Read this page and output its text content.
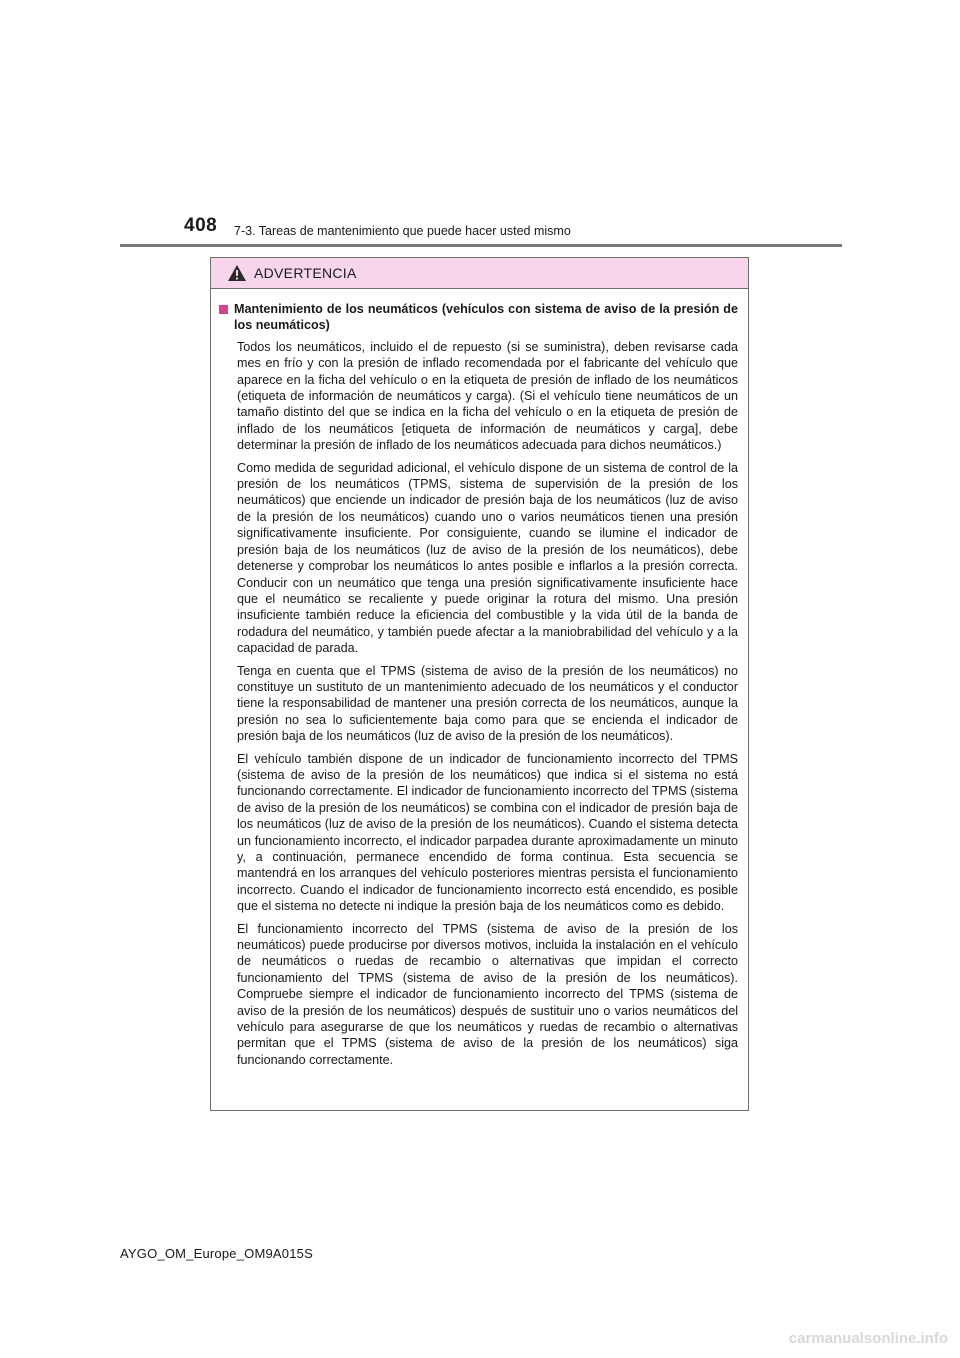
408 7-3. Tareas de mantenimiento que puede hacer usted mismo
ADVERTENCIA
Mantenimiento de los neumáticos (vehículos con sistema de aviso de la presión de los neumáticos)

Todos los neumáticos, incluido el de repuesto (si se suministra), deben revisarse cada mes en frío y con la presión de inflado recomendada por el fabricante del vehículo que aparece en la ficha del vehículo o en la etiqueta de presión de inflado de los neumáticos (etiqueta de información de neumáticos y carga). (Si el vehículo tiene neumáticos de un tamaño distinto del que se indica en la ficha del vehículo o en la etiqueta de presión de inflado de los neumáticos [etiqueta de información de neumáticos y carga], debe determinar la presión de inflado de los neumáticos adecuada para dichos neumáticos.)

Como medida de seguridad adicional, el vehículo dispone de un sistema de control de la presión de los neumáticos (TPMS, sistema de supervisión de la presión de los neumáticos) que enciende un indicador de presión baja de los neumáticos (luz de aviso de la presión de los neumáticos) cuando uno o varios neumáticos tienen una presión significativamente insuficiente. Por consiguiente, cuando se ilumine el indicador de presión baja de los neumáticos (luz de aviso de la presión de los neumáticos), debe detenerse y comprobar los neumáticos lo antes posible e inflarlos a la presión correcta. Conducir con un neumático que tenga una presión significativamente insuficiente hace que el neumático se recaliente y puede originar la rotura del mismo. Una presión insuficiente también reduce la eficiencia del combustible y la vida útil de la banda de rodadura del neumático, y también puede afectar a la maniobrabilidad del vehículo y a la capacidad de parada.

Tenga en cuenta que el TPMS (sistema de aviso de la presión de los neumáticos) no constituye un sustituto de un mantenimiento adecuado de los neumáticos y el conductor tiene la responsabilidad de mantener una presión correcta de los neumáticos, aunque la presión no sea lo suficientemente baja como para que se encienda el indicador de presión baja de los neumáticos (luz de aviso de la presión de los neumáticos).

El vehículo también dispone de un indicador de funcionamiento incorrecto del TPMS (sistema de aviso de la presión de los neumáticos) que indica si el sistema no está funcionando correctamente. El indicador de funcionamiento incorrecto del TPMS (sistema de aviso de la presión de los neumáticos) se combina con el indicador de presión baja de los neumáticos (luz de aviso de la presión de los neumáticos). Cuando el sistema detecta un funcionamiento incorrecto, el indicador parpadea durante aproximadamente un minuto y, a continuación, permanece encendido de forma continua. Esta secuencia se mantendrá en los arranques del vehículo posteriores mientras persista el funcionamiento incorrecto. Cuando el indicador de funcionamiento incorrecto está encendido, es posible que el sistema no detecte ni indique la presión baja de los neumáticos como es debido.

El funcionamiento incorrecto del TPMS (sistema de aviso de la presión de los neumáticos) puede producirse por diversos motivos, incluida la instalación en el vehículo de neumáticos o ruedas de recambio o alternativas que impidan el correcto funcionamiento del TPMS (sistema de aviso de la presión de los neumáticos). Compruebe siempre el indicador de funcionamiento incorrecto del TPMS (sistema de aviso de la presión de los neumáticos) después de sustituir uno o varios neumáticos del vehículo para asegurarse de que los neumáticos y ruedas de recambio o alternativas permitan que el TPMS (sistema de aviso de la presión de los neumáticos) siga funcionando correctamente.

AYGO_OM_Europe_OM9A015S
carmanualsonline.info
